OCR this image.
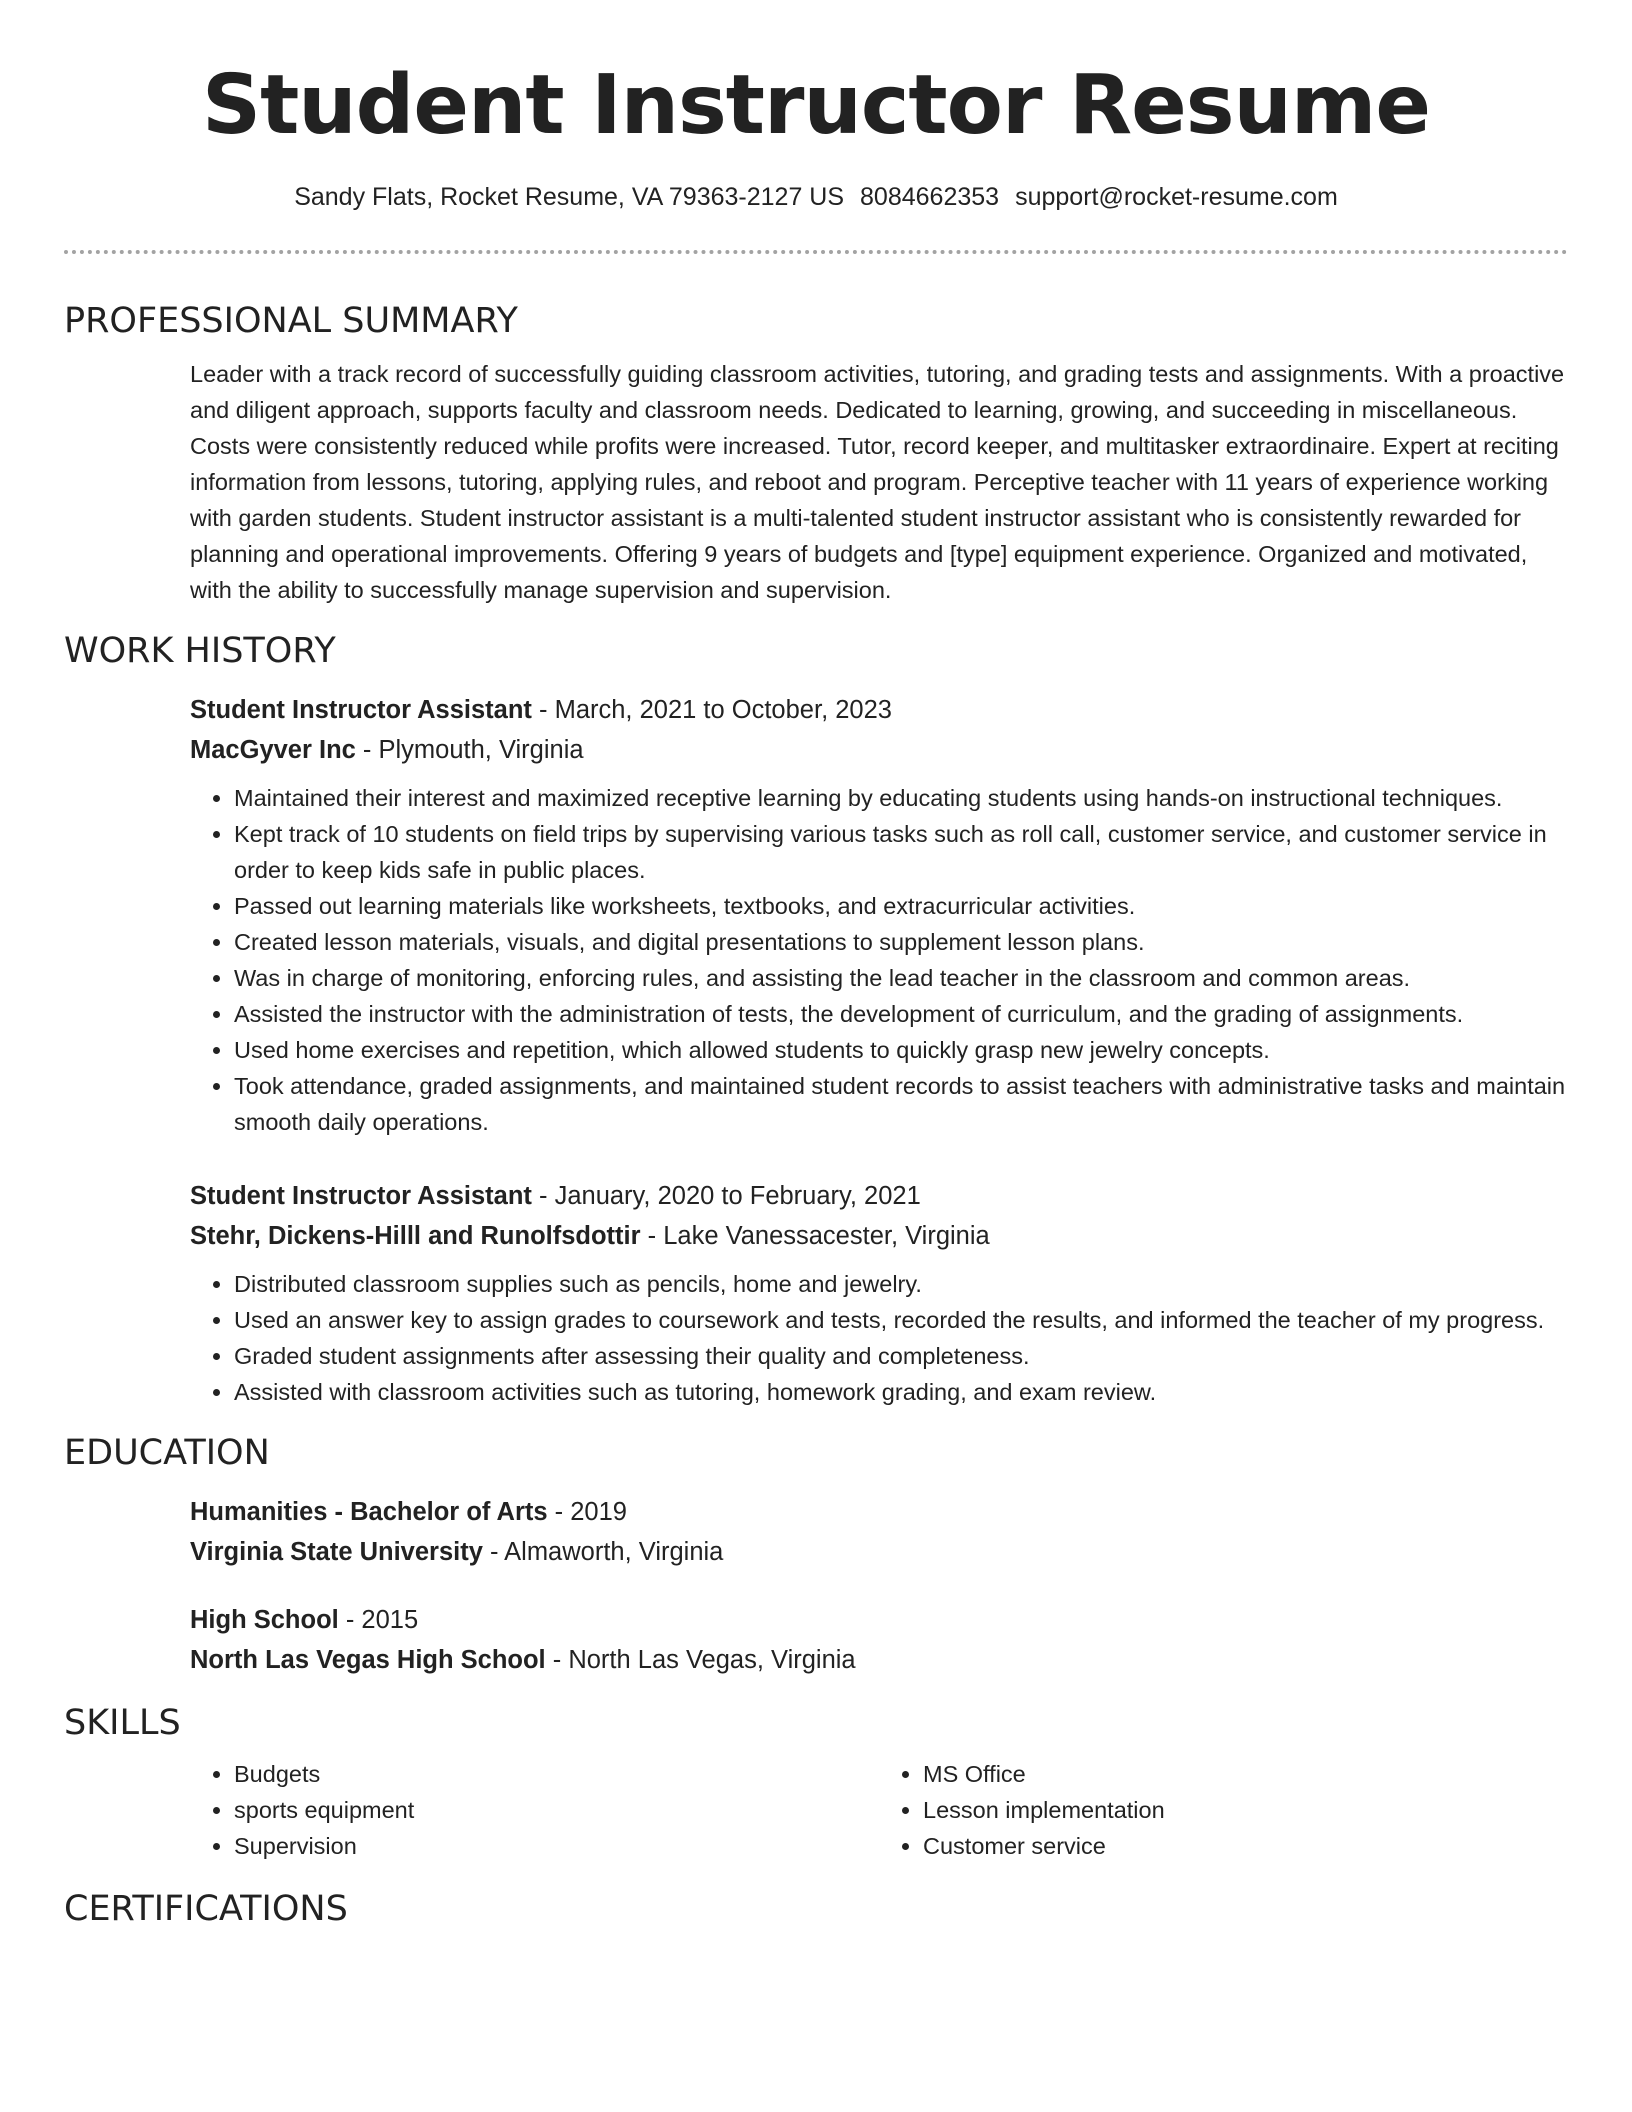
Student Instructor Resume
Sandy Flats, Rocket Resume, VA 79363-2127 US 8084662353 support@rocket-resume.com
PROFESSIONAL SUMMARY

Leader with a track record of successfully guiding classroom activities, tutoring, and grading tests and assignments. With a proactive and diligent approach, supports faculty and classroom needs. Dedicated to learning, growing, and succeeding in miscellaneous. Costs were consistently reduced while profits were increased. Tutor, record keeper, and multitasker extraordinaire. Expert at reciting information from lessons, tutoring, applying rules, and reboot and program. Perceptive teacher with 11 years of experience working with garden students. Student instructor assistant is a multi-talented student instructor assistant who is consistently rewarded for planning and operational improvements. Offering 9 years of budgets and [type] equipment experience. Organized and motivated, with the ability to successfully manage supervision and supervision.

WORK HISTORY
Student Instructor Assistant - March, 2021 to October, 2023
MacGyver Inc - Plymouth, Virginia
• Maintained their interest and maximized receptive learning by educating students using hands-on instructional techniques.
• Kept track of 10 students on field trips by supervising various tasks such as roll call, customer service, and customer service in order to keep kids safe in public places.
• Passed out learning materials like worksheets, textbooks, and extracurricular activities.
• Created lesson materials, visuals, and digital presentations to supplement lesson plans.
• Was in charge of monitoring, enforcing rules, and assisting the lead teacher in the classroom and common areas.
• Assisted the instructor with the administration of tests, the development of curriculum, and the grading of assignments.
• Used home exercises and repetition, which allowed students to quickly grasp new jewelry concepts.
• Took attendance, graded assignments, and maintained student records to assist teachers with administrative tasks and maintain smooth daily operations.
Student Instructor Assistant - January, 2020 to February, 2021
Stehr, Dickens-Hilll and Runolfsdottir - Lake Vanessacester, Virginia
• Distributed classroom supplies such as pencils, home and jewelry.
• Used an answer key to assign grades to coursework and tests, recorded the results, and informed the teacher of my progress.
• Graded student assignments after assessing their quality and completeness.
• Assisted with classroom activities such as tutoring, homework grading, and exam review.
EDUCATION
Humanities - Bachelor of Arts - 2019
Virginia State University - Almaworth, Virginia
High School - 2015
North Las Vegas High School - North Las Vegas, Virginia
SKILLS
• Budgets
• sports equipment
• Supervision
• MS Office
• Lesson implementation
• Customer service
CERTIFICATIONS
